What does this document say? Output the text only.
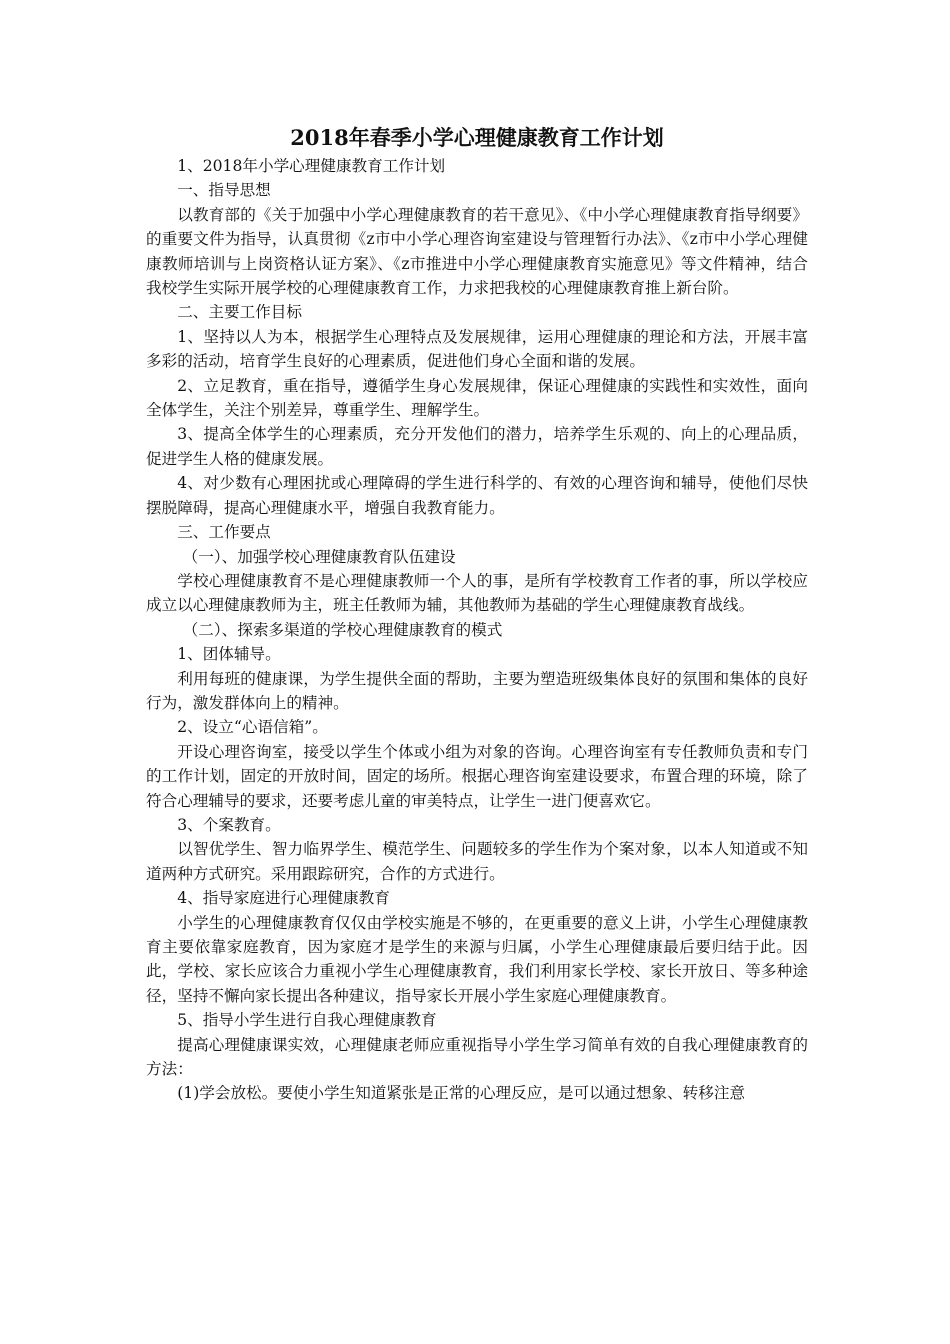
2018年春季小学心理健康教育工作计划

1、2018年小学心理健康教育工作计划

一、指导思想

以教育部的《关于加强中小学心理健康教育的若干意见》、《中小学心理健康教育指导纲要》的重要文件为指导，认真贯彻《z市中小学心理咨询室建设与管理暂行办法》、《z市中小学心理健康教师培训与上岗资格认证方案》、《z市推进中小学心理健康教育实施意见》等文件精神，结合我校学生实际开展学校的心理健康教育工作，力求把我校的心理健康教育推上新台阶。

二、主要工作目标

1、坚持以人为本，根据学生心理特点及发展规律，运用心理健康的理论和方法，开展丰富多彩的活动，培育学生良好的心理素质，促进他们身心全面和谐的发展。

2、立足教育，重在指导，遵循学生身心发展规律，保证心理健康的实践性和实效性，面向全体学生，关注个别差异，尊重学生、理解学生。

3、提高全体学生的心理素质，充分开发他们的潜力，培养学生乐观的、向上的心理品质，促进学生人格的健康发展。

4、对少数有心理困扰或心理障碍的学生进行科学的、有效的心理咨询和辅导，使他们尽快摆脱障碍，提高心理健康水平，增强自我教育能力。

三、工作要点

（一）、加强学校心理健康教育队伍建设

学校心理健康教育不是心理健康教师一个人的事，是所有学校教育工作者的事，所以学校应成立以心理健康教师为主，班主任教师为辅，其他教师为基础的学生心理健康教育战线。

（二）、探索多渠道的学校心理健康教育的模式

1、团体辅导。

利用每班的健康课，为学生提供全面的帮助，主要为塑造班级集体良好的氛围和集体的良好行为，激发群体向上的精神。

2、设立“心语信箱”。

开设心理咨询室，接受以学生个体或小组为对象的咨询。心理咨询室有专任教师负责和专门的工作计划，固定的开放时间，固定的场所。根据心理咨询室建设要求，布置合理的环境，除了符合心理辅导的要求，还要考虑儿童的审美特点，让学生一进门便喜欢它。

3、个案教育。

以智优学生、智力临界学生、模范学生、问题较多的学生作为个案对象，以本人知道或不知道两种方式研究。采用跟踪研究，合作的方式进行。

4、指导家庭进行心理健康教育

小学生的心理健康教育仅仅由学校实施是不够的，在更重要的意义上讲，小学生心理健康教育主要依靠家庭教育，因为家庭才是学生的来源与归属，小学生心理健康最后要归结于此。因此，学校、家长应该合力重视小学生心理健康教育，我们利用家长学校、家长开放日、等多种途径，坚持不懈向家长提出各种建议，指导家长开展小学生家庭心理健康教育。

5、指导小学生进行自我心理健康教育

提高心理健康课实效，心理健康老师应重视指导小学生学习简单有效的自我心理健康教育的方法：

(1)学会放松。要使小学生知道紧张是正常的心理反应，是可以通过想象、转移注意
